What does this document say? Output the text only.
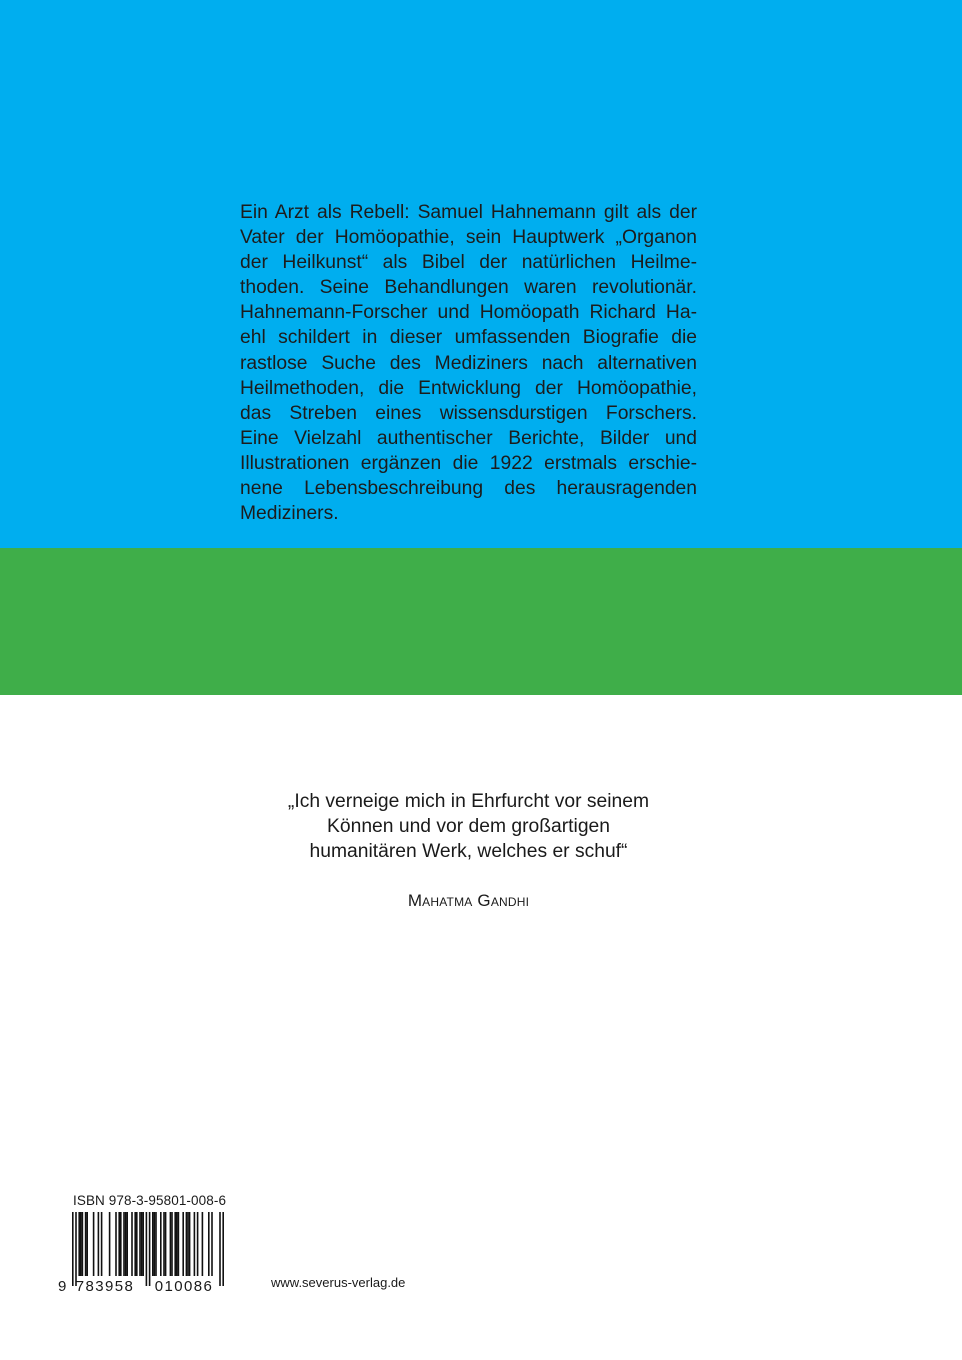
Ein Arzt als Rebell: Samuel Hahnemann gilt als der
Vater der Homöopathie, sein Hauptwerk „Organon
der Heilkunst“ als Bibel der natürlichen Heilme-
thoden. Seine Behandlungen waren revolutionär.
Hahnemann-Forscher und Homöopath Richard Ha-
ehl schildert in dieser umfassenden Biografie die
rastlose Suche des Mediziners nach alternativen
Heilmethoden, die Entwicklung der Homöopathie,
das Streben eines wissensdurstigen Forschers.
Eine Vielzahl authentischer Berichte, Bilder und
Illustrationen ergänzen die 1922 erstmals erschie-
nene Lebensbeschreibung des herausragenden
Mediziners.
„Ich verneige mich in Ehrfurcht vor seinem
Können und vor dem großartigen
humanitären Werk, welches er schuf“
Mahatma Gandhi
ISBN 978-3-95801-008-6
9 783958 010086	www.severus-verlag.de
